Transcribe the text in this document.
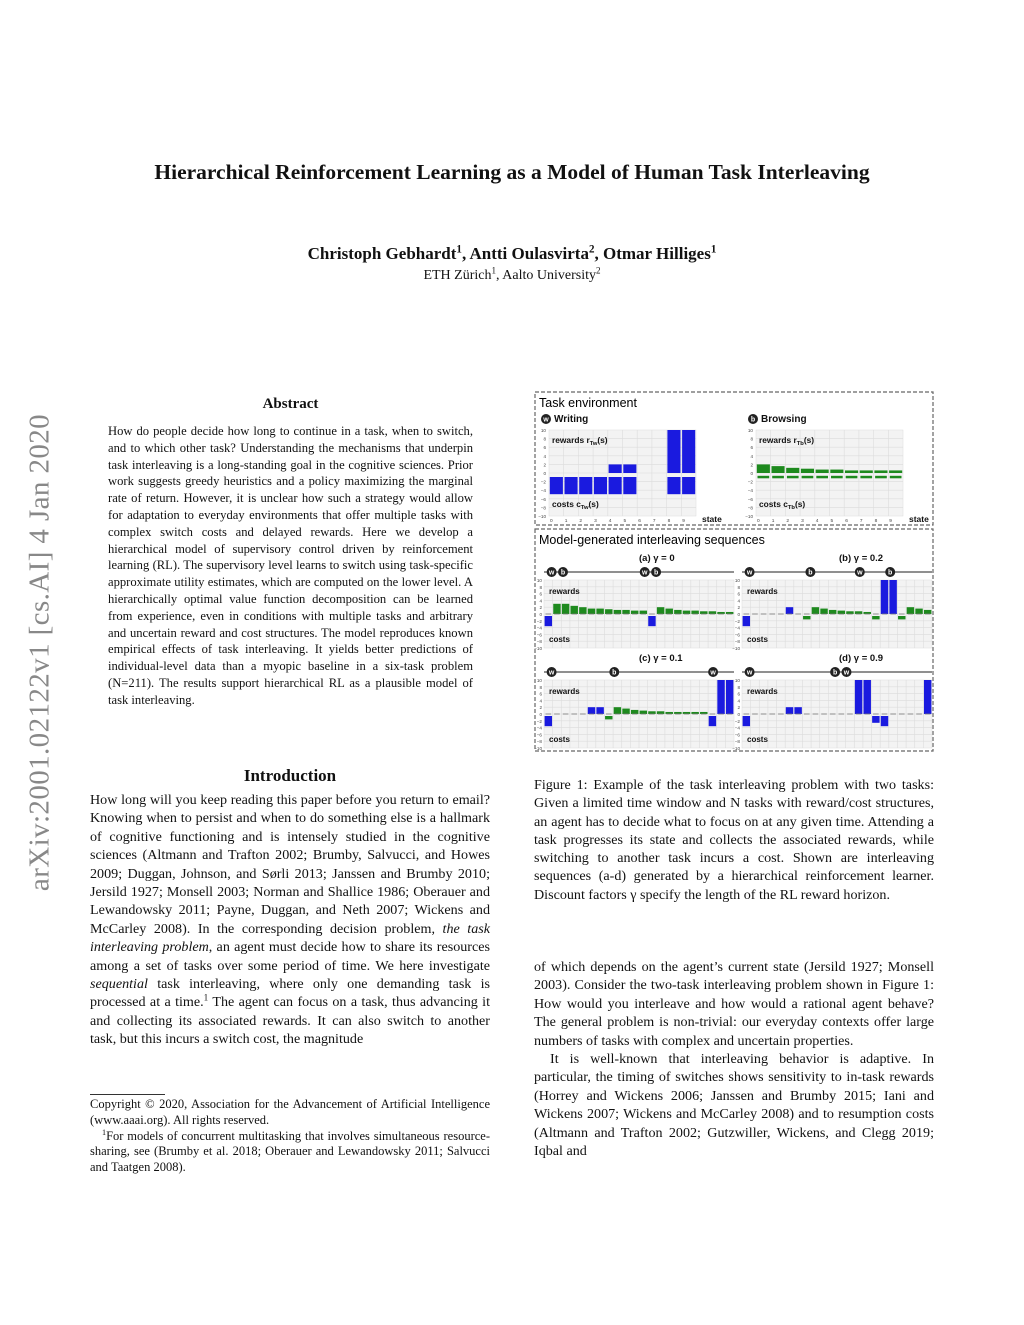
Hierarchical Reinforcement Learning as a Model of Human Task Interleaving
Christoph Gebhardt$^1$, Antti Oulasvirta$^2$, Otmar Hilliges$^1$
ETH Zürich$^1$, Aalto University$^2$
arXiv:2001.02122v1 [cs.AI] 4 Jan 2020
Abstract
How do people decide how long to continue in a task, when to switch, and to which other task? Understanding the mechanisms that underpin task interleaving is a long-standing goal in the cognitive sciences. Prior work suggests greedy heuristics and a policy maximizing the marginal rate of return. However, it is unclear how such a strategy would allow for adaptation to everyday environments that offer multiple tasks with complex switch costs and delayed rewards. Here we develop a hierarchical model of supervisory control driven by reinforcement learning (RL). The supervisory level learns to switch using task-specific approximate utility estimates, which are computed on the lower level. A hierarchically optimal value function decomposition can be learned from experience, even in conditions with multiple tasks and arbitrary and uncertain reward and cost structures. The model reproduces known empirical effects of task interleaving. It yields better predictions of individual-level data than a myopic baseline in a six-task problem (N=211). The results support hierarchical RL as a plausible model of task interleaving.
Introduction
How long will you keep reading this paper before you return to email? Knowing when to persist and when to do something else is a hallmark of cognitive functioning and is intensely studied in the cognitive sciences (Altmann and Trafton 2002; Brumby, Salvucci, and Howes 2009; Duggan, Johnson, and Sørli 2013; Janssen and Brumby 2010; Jersild 1927; Monsell 2003; Norman and Shallice 1986; Oberauer and Lewandowsky 2011; Payne, Duggan, and Neth 2007; Wickens and McCarley 2008). In the corresponding decision problem, the task interleaving problem, an agent must decide how to share its resources among a set of tasks over some period of time. We here investigate sequential task interleaving, where only one demanding task is processed at a time.$^1$ The agent can focus on a task, thus advancing it and collecting its associated rewards. It can also switch to another task, but this incurs a switch cost, the magnitude

Copyright © 2020, Association for the Advancement of Artificial Intelligence (www.aaai.org). All rights reserved.

$^1$For models of concurrent multitasking that involves simultaneous resource-sharing, see (Brumby et al. 2018; Oberauer and Lewandowsky 2011; Salvucci and Taatgen 2008).

Task environment
Model-generated interleaving sequences
w Writing
10
8
6
4
2
0
−2
−4
−6
−8
−10
rewards $r_{Tw}(s)$
costs $c_{Tw}(s)$
0	1	2	3	4	5	6	7	8	9 state
b Browsing
10
8
6
4
2
0
−2
−4
−6
−8
−10
rewards $r_{Tb}(s)$
costs $c_{Tb}(s)$
0	1	2	3	4	5	6	7	8	9 state
(a) γ = 0
10
8
6
4
2
0
−2
−4
−6
−8
−10
rewards
costs
w b	w b
(b) γ = 0.2
10
8
6
4
2
0
−2
−4
−6
−8
−10
rewards
costs
w	b	w	b
(c) γ = 0.1
10
8
6
4
2
0
−2
−4
−6
−8
−10
rewards
costs
w	b	w
(d) γ = 0.9
10
8
6
4
2
0
−2
−4
−6
−8
−10
rewards
costs
w	b w
Figure 1: Example of the task interleaving problem with two tasks: Given a limited time window and N tasks with reward/cost structures, an agent has to decide what to focus on at any given time. Attending a task progresses its state and collects the associated rewards, while switching to another task incurs a cost. Shown are interleaving sequences (a-d) generated by a hierarchical reinforcement learner. Discount factors γ specify the length of the RL reward horizon.

of which depends on the agent’s current state (Jersild 1927; Monsell 2003). Consider the two-task interleaving problem shown in Figure 1: How would you interleave and how would a rational agent behave? The general problem is non-trivial: our everyday contexts offer large numbers of tasks with complex and uncertain properties.

It is well-known that interleaving behavior is adaptive. In particular, the timing of switches shows sensitivity to in-task rewards (Horrey and Wickens 2006; Janssen and Brumby 2015; Iani and Wickens 2007; Wickens and McCarley 2008) and to resumption costs (Altmann and Trafton 2002; Gutzwiller, Wickens, and Clegg 2019; Iqbal and
